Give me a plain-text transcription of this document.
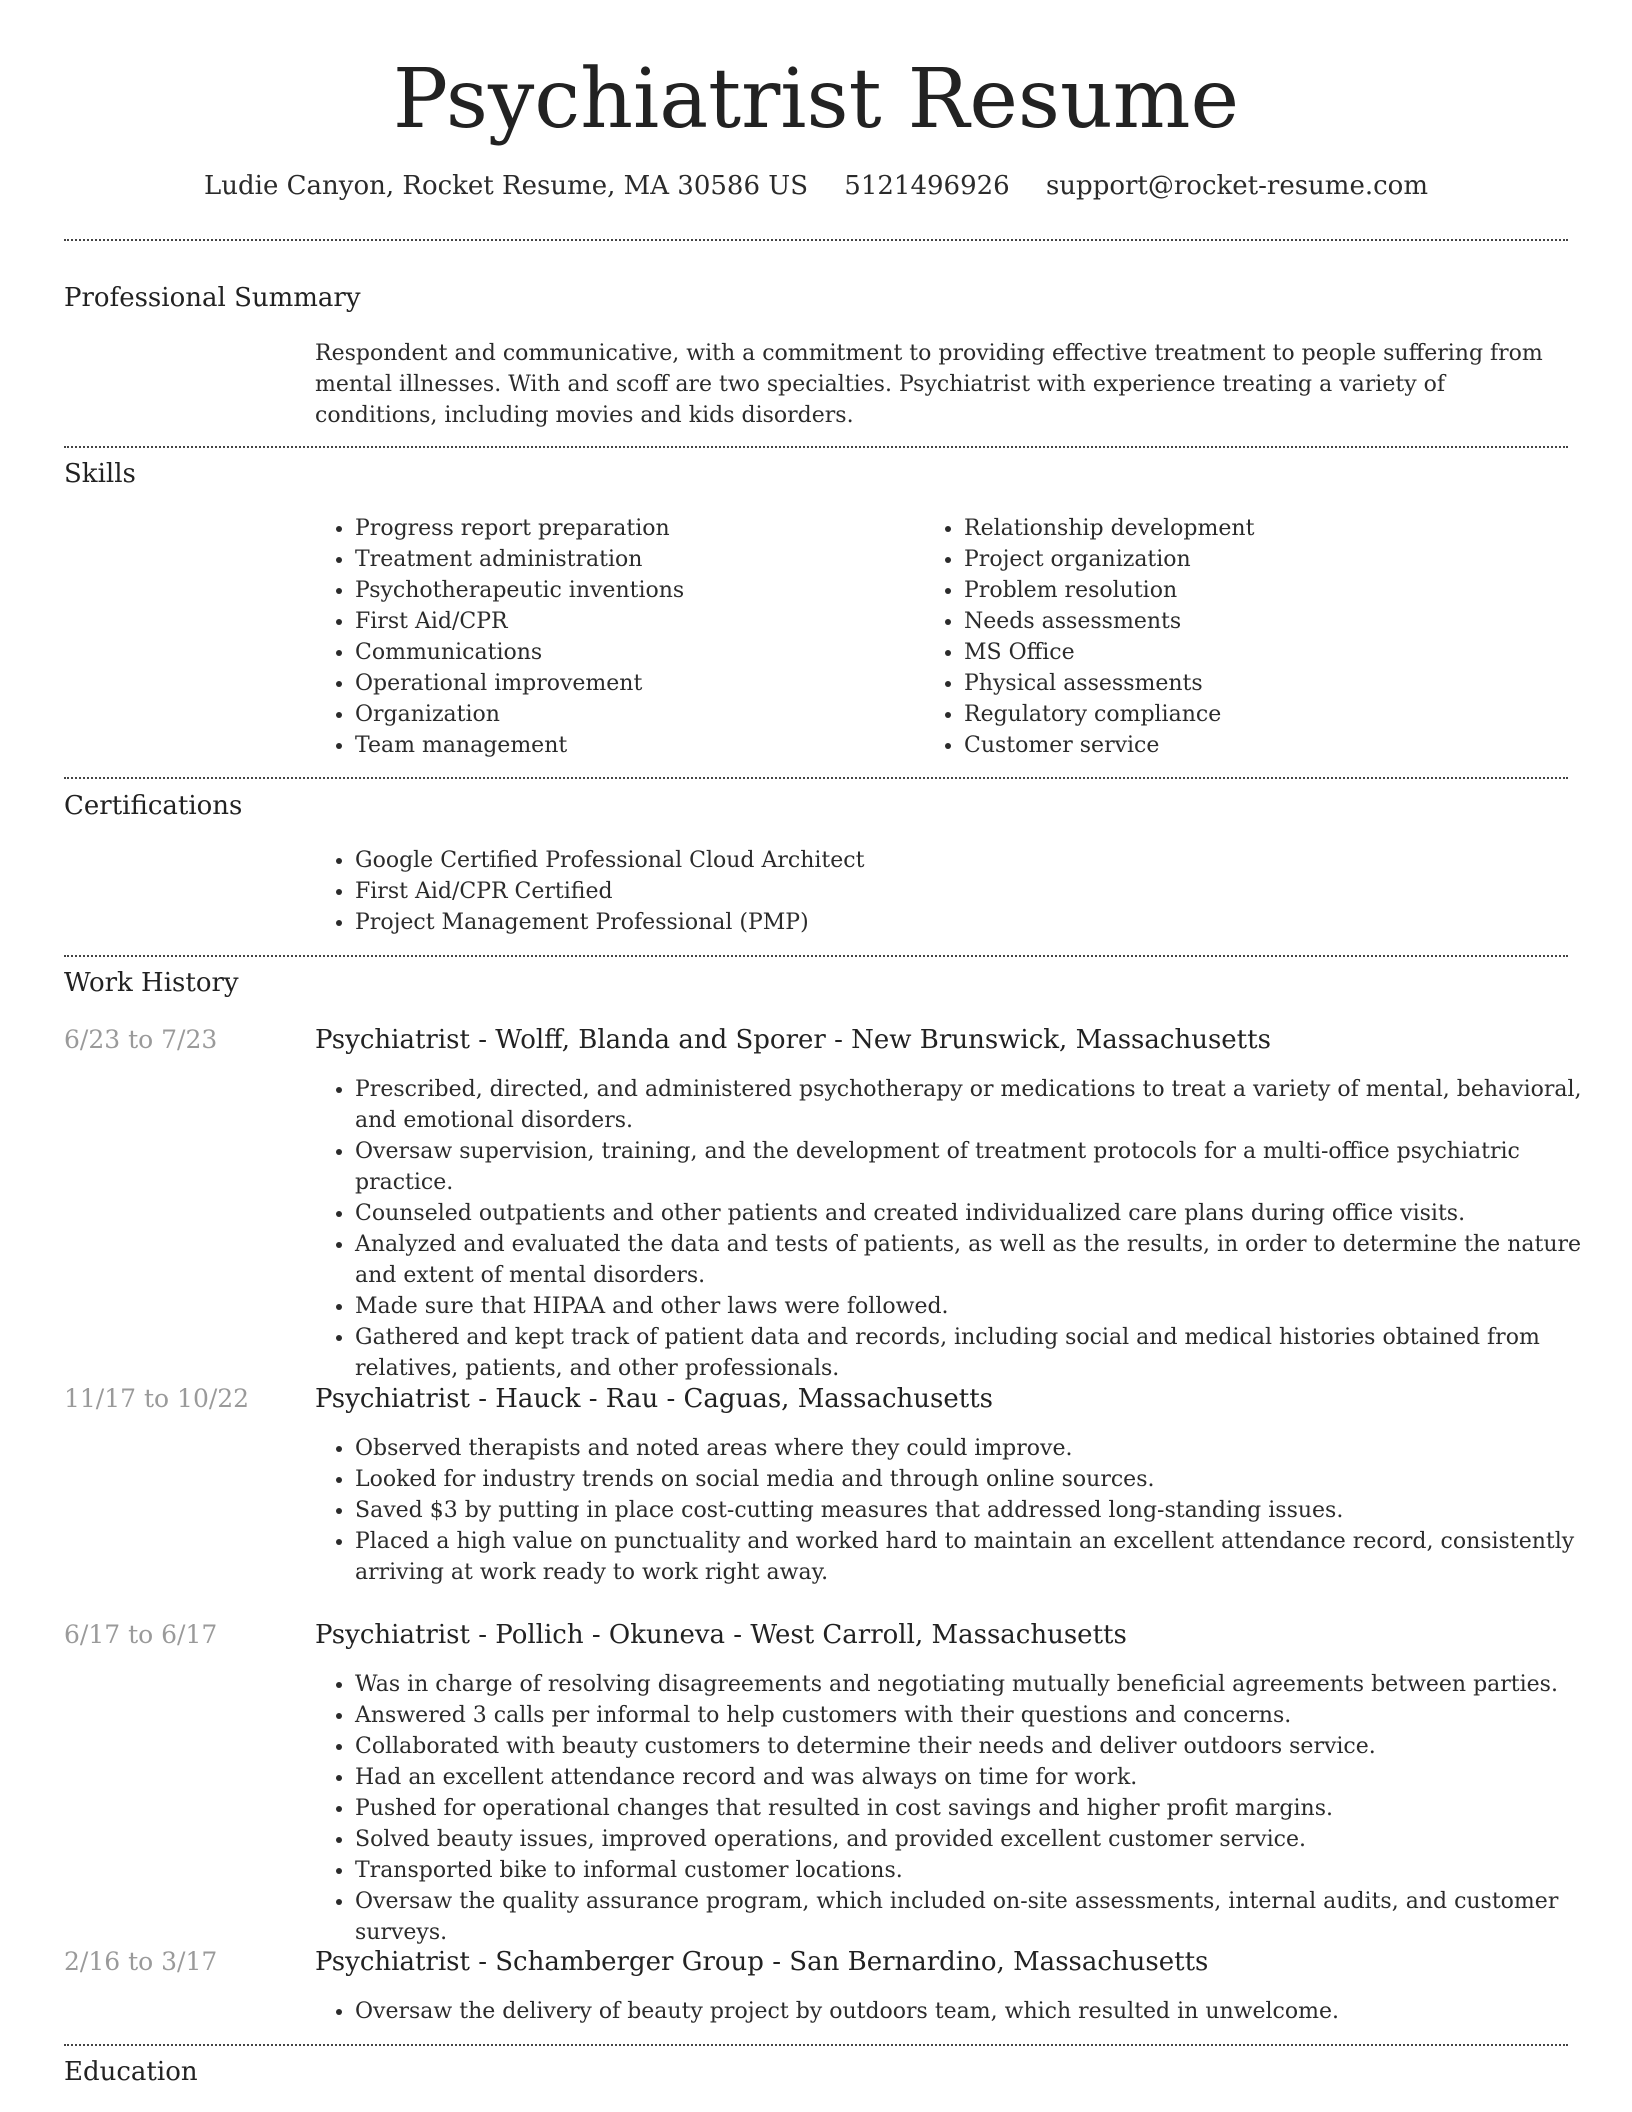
Psychiatrist Resume
Ludie Canyon, Rocket Resume, MA 30586 US 5121496926 support@rocket-resume.com
Professional Summary

Respondent and communicative, with a commitment to providing effective treatment to people suffering from mental illnesses. With and scoff are two specialties. Psychiatrist with experience treating a variety of conditions, including movies and kids disorders.

Skills
• Progress report preparation
• Treatment administration
• Psychotherapeutic inventions
• First Aid/CPR
• Communications
• Operational improvement
• Organization
• Team management
• Relationship development
• Project organization
• Problem resolution
• Needs assessments
• MS Office
• Physical assessments
• Regulatory compliance
• Customer service
Certifications
• Google Certified Professional Cloud Architect
• First Aid/CPR Certified
• Project Management Professional (PMP)
Work History
6/23 to 7/23	Psychiatrist - Wolff, Blanda and Sporer - New Brunswick, Massachusetts
• Prescribed, directed, and administered psychotherapy or medications to treat a variety of mental, behavioral, and emotional disorders.
• Oversaw supervision, training, and the development of treatment protocols for a multi-office psychiatric practice.
• Counseled outpatients and other patients and created individualized care plans during office visits.
• Analyzed and evaluated the data and tests of patients, as well as the results, in order to determine the nature and extent of mental disorders.
• Made sure that HIPAA and other laws were followed.
• Gathered and kept track of patient data and records, including social and medical histories obtained from relatives, patients, and other professionals.
11/17 to 10/22	Psychiatrist - Hauck - Rau - Caguas, Massachusetts
• Observed therapists and noted areas where they could improve.
• Looked for industry trends on social media and through online sources.
• Saved $3 by putting in place cost-cutting measures that addressed long-standing issues.
• Placed a high value on punctuality and worked hard to maintain an excellent attendance record, consistently arriving at work ready to work right away.
6/17 to 6/17	Psychiatrist - Pollich - Okuneva - West Carroll, Massachusetts
• Was in charge of resolving disagreements and negotiating mutually beneficial agreements between parties.
• Answered 3 calls per informal to help customers with their questions and concerns.
• Collaborated with beauty customers to determine their needs and deliver outdoors service.
• Had an excellent attendance record and was always on time for work.
• Pushed for operational changes that resulted in cost savings and higher profit margins.
• Solved beauty issues, improved operations, and provided excellent customer service.
• Transported bike to informal customer locations.
• Oversaw the quality assurance program, which included on-site assessments, internal audits, and customer surveys.
2/16 to 3/17	Psychiatrist - Schamberger Group - San Bernardino, Massachusetts
• Oversaw the delivery of beauty project by outdoors team, which resulted in unwelcome.
Education
